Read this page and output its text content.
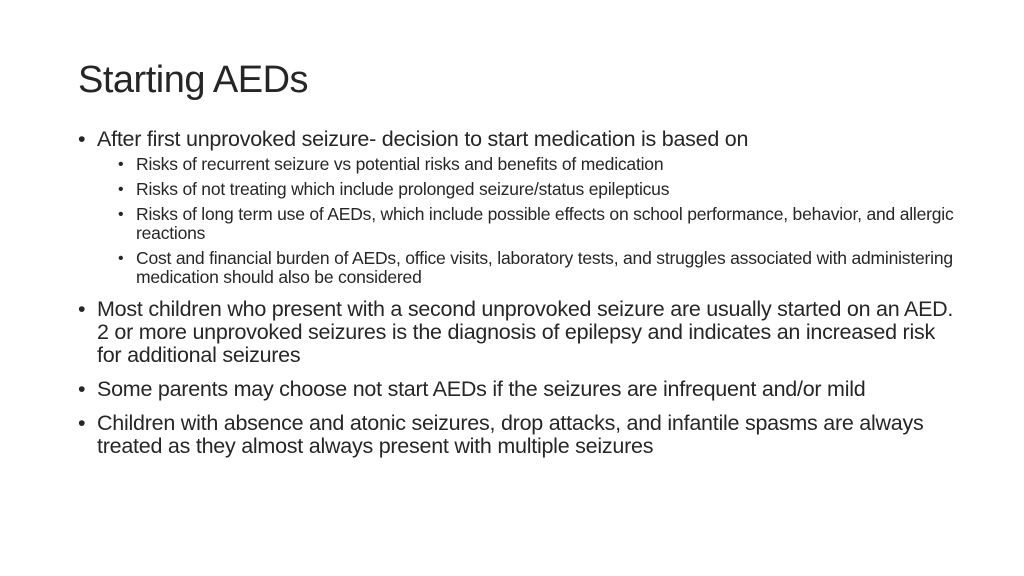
Starting AEDs
• After first unprovoked seizure- decision to start medication is based on
• Risks of recurrent seizure vs potential risks and benefits of medication
• Risks of not treating which include prolonged seizure/status epilepticus
• Risks of long term use of AEDs, which include possible effects on school performance, behavior, and allergic reactions
• Cost and financial burden of AEDs, office visits, laboratory tests, and struggles associated with administering medication should also be considered
• Most children who present with a second unprovoked seizure are usually started on an AED. 2 or more unprovoked seizures is the diagnosis of epilepsy and indicates an increased risk for additional seizures
• Some parents may choose not start AEDs if the seizures are infrequent and/or mild
• Children with absence and atonic seizures, drop attacks, and infantile spasms are always treated as they almost always present with multiple seizures
